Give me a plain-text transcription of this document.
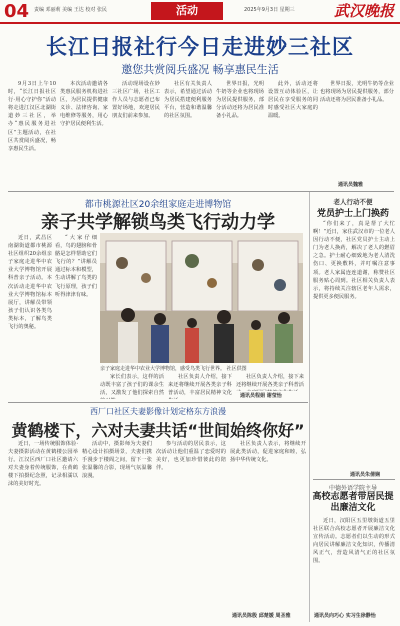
04 责编 邓丽莉 美编 王达 校对 张民	活动	2025年9月3日 星期三	武汉晚报
长江日报社行今日走进妙三社区
邀您共赏阅兵盛况 畅享惠民生活

9月3日上午10时，“长江日报社区行·用心守护你”活动将走进江汉区北湖街道妙三社区，举办“惠民服务进社区”主题活动，在社区共赏阅兵盛况，畅享惠民生活。

本次活动邀请各类惠民服务机构进社区，为居民提供健康义诊、法律咨询、家电维修等服务，用心守护居民便利生活。

活动现场设在妙三社区广场，社区工作人员与志愿者已布置好场地，欢迎居民朋友们前来参加。

社区有关负责人表示，希望通过活动为居民搭建便利服务平台，营造和谐温馨的社区氛围。

世界日报，光明牛奶等企业也将现场为居民提供服务，部分活动还将为居民准备小礼品。

此外，活动还将设置互动体验区，让居民在享受服务的同时感受社区大家庭的温暖。

世界日报，光明牛奶等企业也将现场为居民提供服务，部分活动还将为居民准备小礼品。

通讯员魏雅
都市桃源社区20余组家庭走进博物馆
亲子共学解锁鸟类飞行动力学

近日，武昌区南湖街道都市桃源社区组织20余组亲子家庭走进华中农业大学博物馆开展科普亲子活动。本次活动走进华中农业大学博物馆标本展厅，讲解员带领孩子们认识各类鸟类标本，了解鸟类飞行的奥秘。

“大家仔细看，鸟的翅膀和骨骼是怎样帮助它们飞行的？”讲解员通过标本和模型，生动讲解了鸟类的飞行原理，孩子们听得津津有味。

亲子家庭走进华中农业大学博物馆，感受鸟类飞行世界。 社区供图

家长们表示，这样的活动既丰富了孩子们的课余生活，又激发了他们探索自然

社区负责人介绍，接下来还将继续开展各类亲子科普活动，丰富居民精神文化

社区负责人介绍，接下来还将继续开展各类亲子科普活

通讯员程娟 谢莹怡
西厂口社区夫妻影像计划定格东方浪漫
黄鹤楼下，六对夫妻共话“世间始终你好”

近日，一场传统服饰体验·夫妻摄影活动在黄鹤楼公园举行。江汉区西厂口社区邀请六对夫妻身着传统服饰，在黄鹤楼下拍摄纪念照，记录相濡以沫的美好时光。

活动中，摄影师为夫妻们精心设计拍摄场景，夫妻们携手漫步于楼阁之间，留下一张张温馨的合影，现场气氛温馨浪漫。

参与活动的居民表示，这次活动让他们重温了恋爱时的美好，也更加珍惜彼此的陪伴。

社区负责人表示，将继续开展此类活动，促进家庭和睦，弘扬中华传统文化。

通讯员陈殷 邱楚媛 周圣雅
老人行动不便
党员护士上门换药

“你们来了，真是帮了大忙啊！”近日，家住武汉市的一位老人因行动不便，社区党员护士主动上门为老人换药，解决了老人的燃眉之急。护士耐心细致地为老人清洗伤口、更换敷料，并叮嘱注意事项。老人家属连连道谢，称赞社区服务贴心周到。社区相关负责人表示，将持续关注辖区老年人需求，提供更多便民服务。

通讯员朱倩娴
中德外语学院主导
高校志愿者带居民提出廉洁文化

近日，汉阳区五里墩街道五里社区联合高校志愿者开展廉洁文化宣传活动。志愿者们以生动的形式向居民讲解廉洁文化知识，传播清风正气，营造风清气正的社区氛围。

通讯员向巧心 实习生徐静怡
